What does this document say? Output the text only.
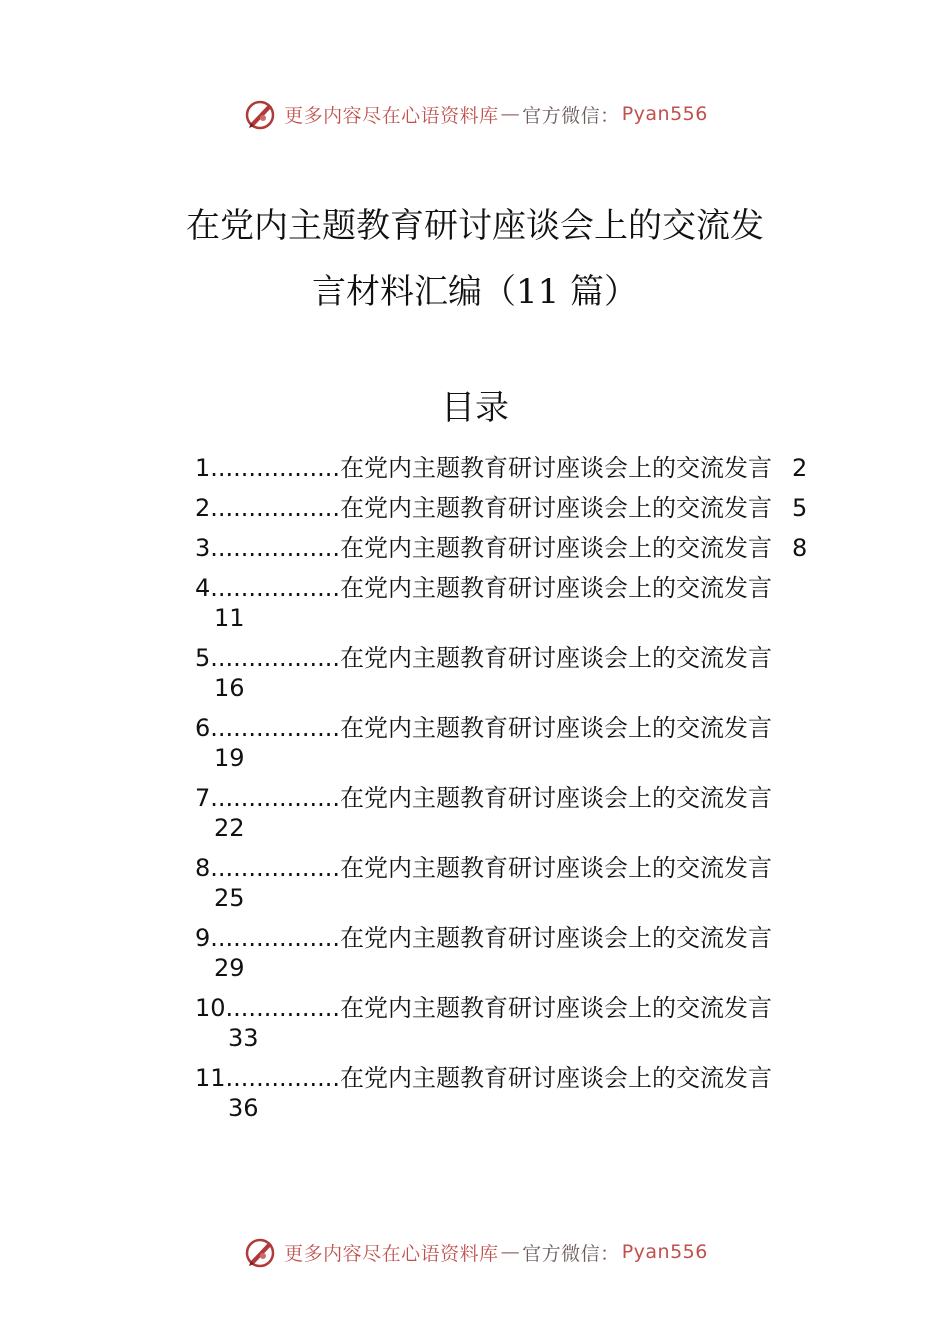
更多内容尽在心语资料库 — 官方微信： Pyan556
在党内主题教育研讨座谈会上的交流发
言材料汇编（11 篇）
目录
1 ................. 在党内主题教育研讨座谈会上的交流发言 2
2 ................. 在党内主题教育研讨座谈会上的交流发言 5
3 ................. 在党内主题教育研讨座谈会上的交流发言 8
4 ................. 在党内主题教育研讨座谈会上的交流发言
11
5 ................. 在党内主题教育研讨座谈会上的交流发言
16
6 ................. 在党内主题教育研讨座谈会上的交流发言
19
7 ................. 在党内主题教育研讨座谈会上的交流发言
22
8 ................. 在党内主题教育研讨座谈会上的交流发言
25
9 ................. 在党内主题教育研讨座谈会上的交流发言
29
10 ............... 在党内主题教育研讨座谈会上的交流发言
33
11 ............... 在党内主题教育研讨座谈会上的交流发言
36
更多内容尽在心语资料库 — 官方微信： Pyan556
